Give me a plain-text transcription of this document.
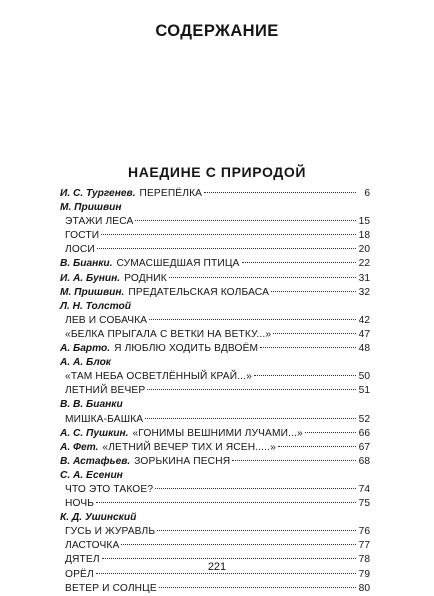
СОДЕРЖАНИЕ
НАЕДИНЕ С ПРИРОДОЙ
И. С. Тургенев. ПЕРЕПЁЛКА	6
М. Пришвин
ЭТАЖИ ЛЕСА	15
ГОСТИ	18
ЛОСИ	20
В. Бианки. СУМАСШЕДШАЯ ПТИЦА	22
И. А. Бунин. РОДНИК	31
М. Пришвин. ПРЕДАТЕЛЬСКАЯ КОЛБАСА	32
Л. Н. Толстой
ЛЕВ И СОБАЧКА	42
«БЕЛКА ПРЫГАЛА С ВЕТКИ НА ВЕТКУ...»	47
А. Барто. Я ЛЮБЛЮ ХОДИТЬ ВДВОЁМ	48
А. А. Блок
«ТАМ НЕБА ОСВЕТЛЁННЫЙ КРАЙ...»	50
ЛЕТНИЙ ВЕЧЕР	51
В. В. Бианки
МИШКА-БАШКА	52
А. С. Пушкин. «ГОНИМЫ ВЕШНИМИ ЛУЧАМИ...»	66
А. Фет. «ЛЕТНИЙ ВЕЧЕР ТИХ И ЯСЕН.....»	67
В. Астафьев. ЗОРЬКИНА ПЕСНЯ	68
С. А. Есенин
ЧТО ЭТО ТАКОЕ?	74
НОЧЬ	75
К. Д. Ушинский
ГУСЬ И ЖУРАВЛЬ	76
ЛАСТОЧКА	77
ДЯТЕЛ	78
ОРЁЛ	79
ВЕТЕР И СОЛНЦЕ	80
221
